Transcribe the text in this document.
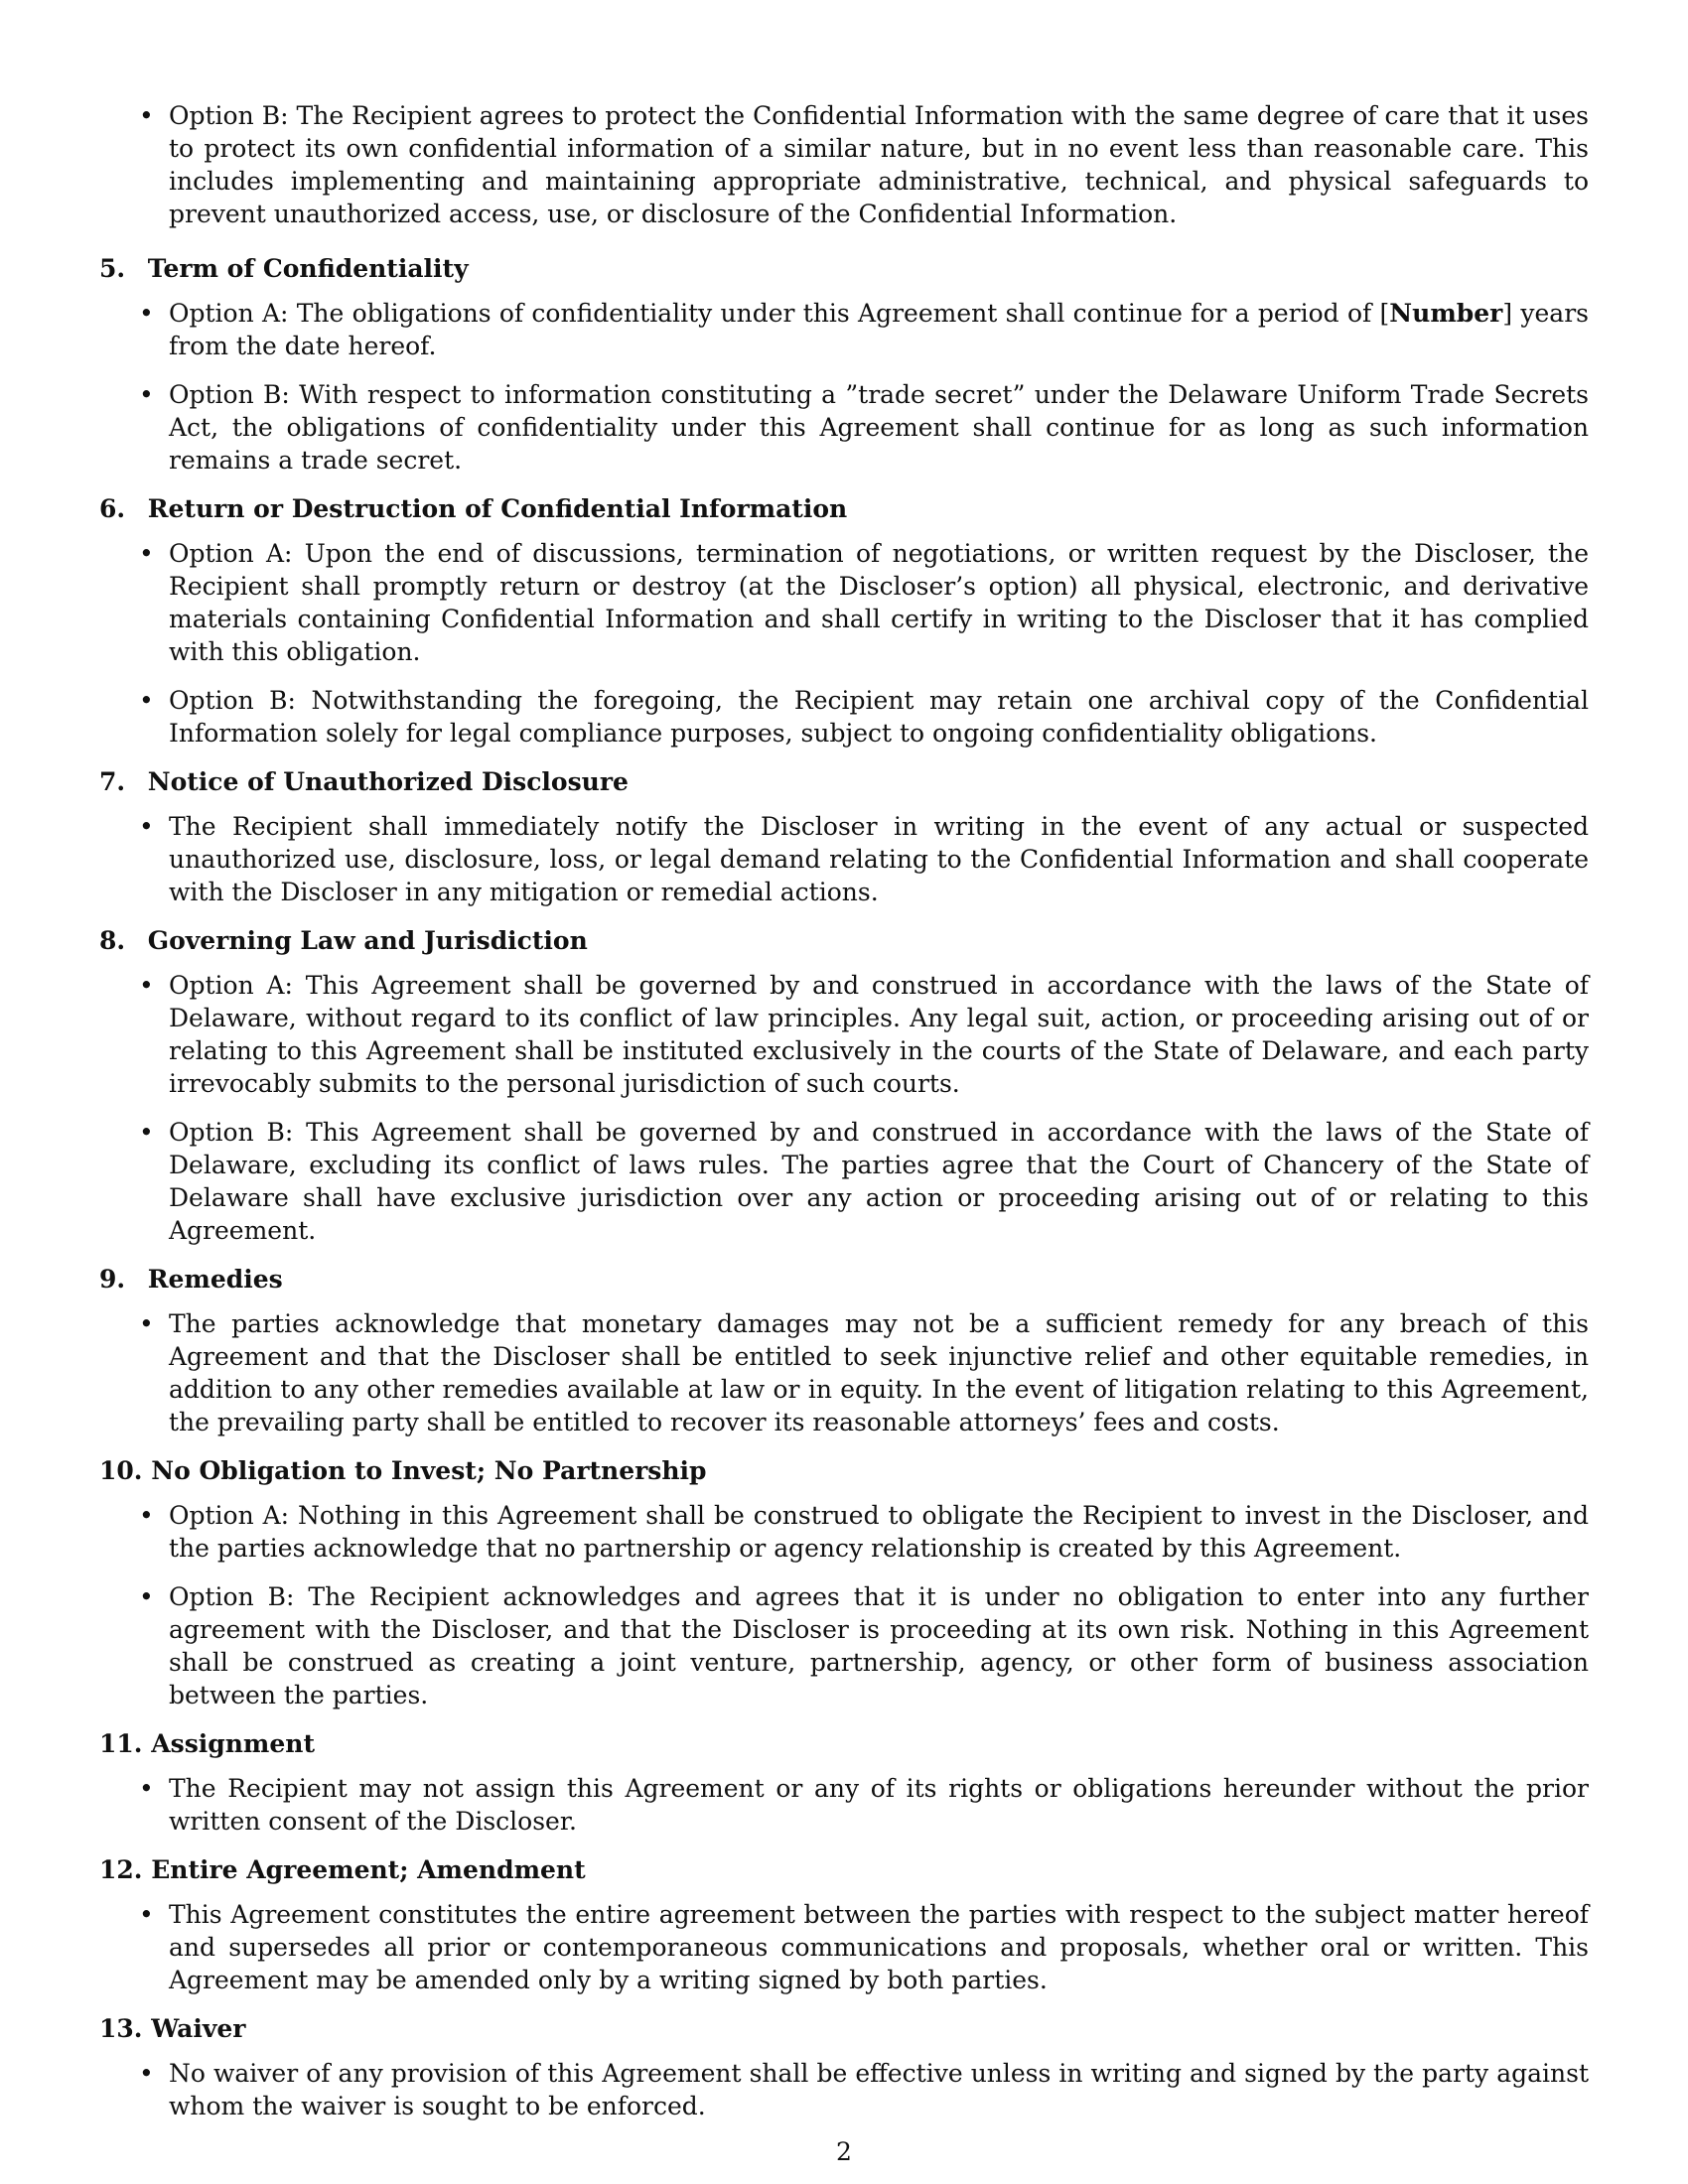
• Option B: The Recipient agrees to protect the Confidential Information with the same degree of care that it uses to protect its own confidential information of a similar nature, but in no event less than reasonable care. This includes implementing and maintaining appropriate administrative, technical, and physical safeguards to prevent unauthorized access, use, or disclosure of the Confidential Information.
5. Term of Confidentiality
• Option A: The obligations of confidentiality under this Agreement shall continue for a period of [Number] years from the date hereof.
• Option B: With respect to information constituting a ”trade secret” under the Delaware Uniform Trade Secrets Act, the obligations of confidentiality under this Agreement shall continue for as long as such information remains a trade secret.
6. Return or Destruction of Confidential Information
• Option A: Upon the end of discussions, termination of negotiations, or written request by the Discloser, the Recipient shall promptly return or destroy (at the Discloser’s option) all physical, electronic, and derivative materials containing Confidential Information and shall certify in writing to the Discloser that it has complied with this obligation.
• Option B: Notwithstanding the foregoing, the Recipient may retain one archival copy of the Confidential Information solely for legal compliance purposes, subject to ongoing confidentiality obligations.
7. Notice of Unauthorized Disclosure
• The Recipient shall immediately notify the Discloser in writing in the event of any actual or suspected unauthorized use, disclosure, loss, or legal demand relating to the Confidential Information and shall cooperate with the Discloser in any mitigation or remedial actions.
8. Governing Law and Jurisdiction
• Option A: This Agreement shall be governed by and construed in accordance with the laws of the State of Delaware, without regard to its conflict of law principles. Any legal suit, action, or proceeding arising out of or relating to this Agreement shall be instituted exclusively in the courts of the State of Delaware, and each party irrevocably submits to the personal jurisdiction of such courts.
• Option B: This Agreement shall be governed by and construed in accordance with the laws of the State of Delaware, excluding its conflict of laws rules. The parties agree that the Court of Chancery of the State of Delaware shall have exclusive jurisdiction over any action or proceeding arising out of or relating to this Agreement.
9. Remedies
• The parties acknowledge that monetary damages may not be a sufficient remedy for any breach of this Agreement and that the Discloser shall be entitled to seek injunctive relief and other equitable remedies, in addition to any other remedies available at law or in equity. In the event of litigation relating to this Agreement, the prevailing party shall be entitled to recover its reasonable attorneys’ fees and costs.
10. No Obligation to Invest; No Partnership
• Option A: Nothing in this Agreement shall be construed to obligate the Recipient to invest in the Discloser, and the parties acknowledge that no partnership or agency relationship is created by this Agreement.
• Option B: The Recipient acknowledges and agrees that it is under no obligation to enter into any further agreement with the Discloser, and that the Discloser is proceeding at its own risk. Nothing in this Agreement shall be construed as creating a joint venture, partnership, agency, or other form of business association between the parties.
11. Assignment
• The Recipient may not assign this Agreement or any of its rights or obligations hereunder without the prior written consent of the Discloser.
12. Entire Agreement; Amendment
• This Agreement constitutes the entire agreement between the parties with respect to the subject matter hereof and supersedes all prior or contemporaneous communications and proposals, whether oral or written. This Agreement may be amended only by a writing signed by both parties.
13. Waiver
• No waiver of any provision of this Agreement shall be effective unless in writing and signed by the party against whom the waiver is sought to be enforced.
2
